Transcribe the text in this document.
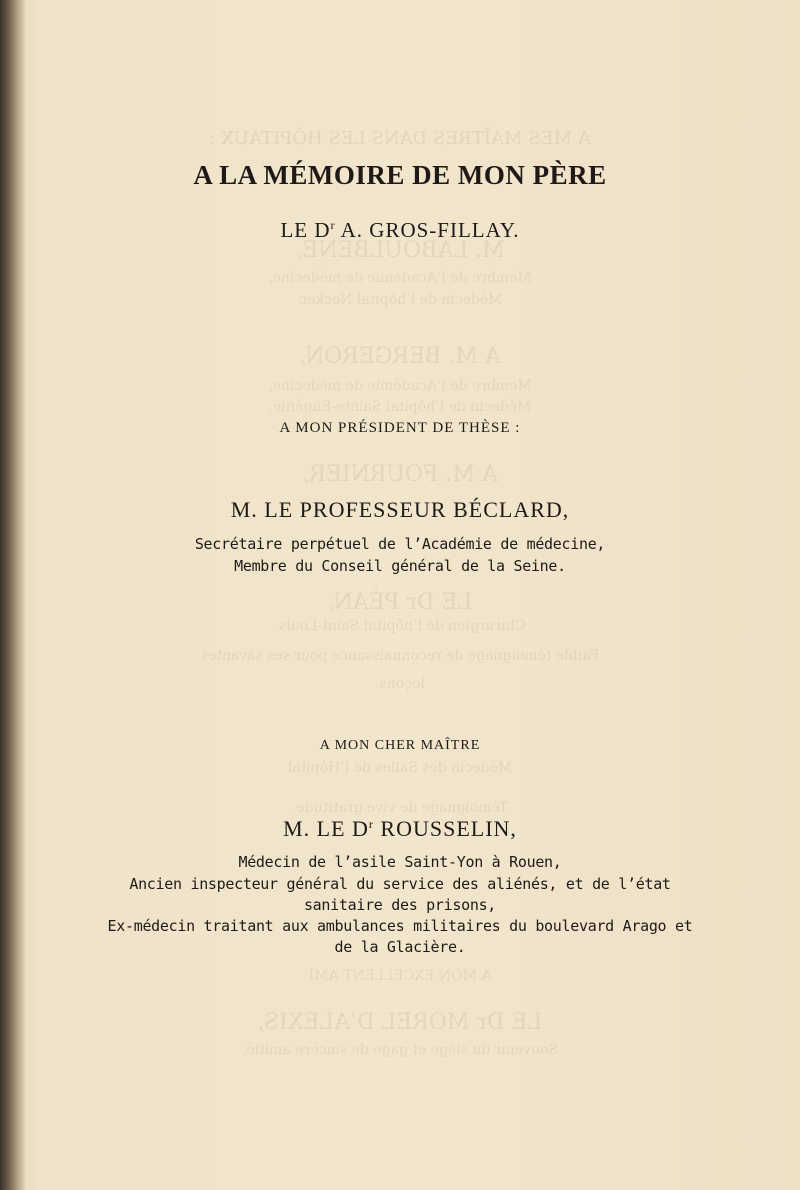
A MES MAÎTRES DANS LES HÔPITAUX :
M. LABOULBÈNE,
Membre de l’Académie de médecine,
Médecin de l’hôpital Necker.
A M. BERGERON,
Membre de l’Académie de médecine,
Médecin de l’hôpital Sainte-Eugénie.
A M. FOURNIER,
LE Dr PÉAN,
Chirurgien de l’hôpital Saint-Louis.
Faible témoignage de reconnaissance pour ses savantes
leçons.
Médecin des Salles de l’Hôpital
Témoignage de vive gratitude.
A MON EXCELLENT AMI
LE Dr MOREL D’ALEXIS,
Souvenir du siège et gage de sincère amitié.
A LA MÉMOIRE DE MON PÈRE
LE $D^r$ A. GROS-FILLAY.
A MON PRÉSIDENT DE THÈSE :
M. LE PROFESSEUR BÉCLARD,
Secrétaire perpétuel de l’Académie de médecine,
Membre du Conseil général de la Seine.
A MON CHER MAÎTRE
M. LE $D^r$ ROUSSELIN,
Médecin de l’asile Saint-Yon à Rouen,
Ancien inspecteur général du service des aliénés, et de l’état
sanitaire des prisons,
Ex-médecin traitant aux ambulances militaires du boulevard Arago et
de la Glacière.
